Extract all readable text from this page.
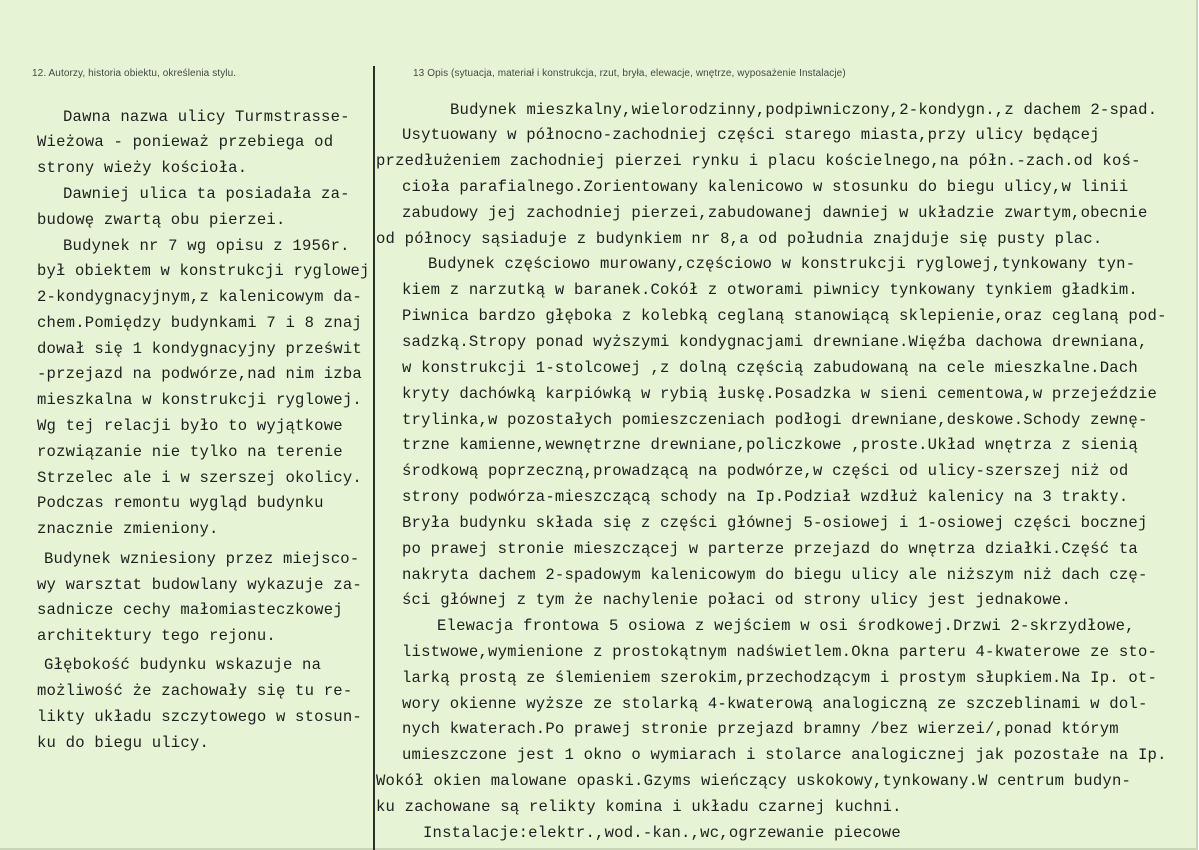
12. Autorzy, historia obiektu, określenia stylu.	13 Opis (sytuacja, materiał i konstrukcja, rzut, bryła, elewacje, wnętrze, wyposażenie Instalacje)
Dawna nazwa ulicy Turmstrasse-
Wieżowa - ponieważ przebiega od
strony wieży kościoła.
Dawniej ulica ta posiadała za-
budowę zwartą obu pierzei.
Budynek nr 7 wg opisu z 1956r.
był obiektem w konstrukcji ryglowej
2-kondygnacyjnym,z kalenicowym da-
chem.Pomiędzy budynkami 7 i 8 znaj
dował się 1 kondygnacyjny prześwit
-przejazd na podwórze,nad nim izba
mieszkalna w konstrukcji ryglowej.
Wg tej relacji było to wyjątkowe
rozwiązanie nie tylko na terenie
Strzelec ale i w szerszej okolicy.
Podczas remontu wygląd budynku
znacznie zmieniony.
Budynek wzniesiony przez miejsco-
wy warsztat budowlany wykazuje za-
sadnicze cechy małomiasteczkowej
architektury tego rejonu.
Głębokość budynku wskazuje na
możliwość że zachowały się tu re-
likty układu szczytowego w stosun-
ku do biegu ulicy.
Budynek mieszkalny,wielorodzinny,podpiwniczony,2-kondygn.,z dachem 2-spad.
Usytuowany w północno-zachodniej części starego miasta,przy ulicy będącej
przedłużeniem zachodniej pierzei rynku i placu kościelnego,na półn.-zach.od koś-
cioła parafialnego.Zorientowany kalenicowo w stosunku do biegu ulicy,w linii
zabudowy jej zachodniej pierzei,zabudowanej dawniej w układzie zwartym,obecnie
od północy sąsiaduje z budynkiem nr 8,a od południa znajduje się pusty plac.
Budynek częściowo murowany,częściowo w konstrukcji ryglowej,tynkowany tyn-
kiem z narzutką w baranek.Cokół z otworami piwnicy tynkowany tynkiem gładkim.
Piwnica bardzo głęboka z kolebką ceglaną stanowiącą sklepienie,oraz ceglaną pod-
sadzką.Stropy ponad wyższymi kondygnacjami drewniane.Więźba dachowa drewniana,
w konstrukcji 1-stolcowej ,z dolną częścią zabudowaną na cele mieszkalne.Dach
kryty dachówką karpiówką w rybią łuskę.Posadzka w sieni cementowa,w przejeździe
trylinka,w pozostałych pomieszczeniach podłogi drewniane,deskowe.Schody zewnę-
trzne kamienne,wewnętrzne drewniane,policzkowe ,proste.Układ wnętrza z sienią
środkową poprzeczną,prowadzącą na podwórze,w części od ulicy-szerszej niż od
strony podwórza-mieszczącą schody na Ip.Podział wzdłuż kalenicy na 3 trakty.
Bryła budynku składa się z części głównej 5-osiowej i 1-osiowej części bocznej
po prawej stronie mieszczącej w parterze przejazd do wnętrza działki.Część ta
nakryta dachem 2-spadowym kalenicowym do biegu ulicy ale niższym niż dach czę-
ści głównej z tym że nachylenie połaci od strony ulicy jest jednakowe.
Elewacja frontowa 5 osiowa z wejściem w osi środkowej.Drzwi 2-skrzydłowe,
listwowe,wymienione z prostokątnym nadświetlem.Okna parteru 4-kwaterowe ze sto-
larką prostą ze ślemieniem szerokim,przechodzącym i prostym słupkiem.Na Ip. ot-
wory okienne wyższe ze stolarką 4-kwaterową analogiczną ze szczeblinami w dol-
nych kwaterach.Po prawej stronie przejazd bramny /bez wierzei/,ponad którym
umieszczone jest 1 okno o wymiarach i stolarce analogicznej jak pozostałe na Ip.
Wokół okien malowane opaski.Gzyms wieńczący uskokowy,tynkowany.W centrum budyn-
ku zachowane są relikty komina i układu czarnej kuchni.
Instalacje:elektr.,wod.-kan.,wc,ogrzewanie piecowe
